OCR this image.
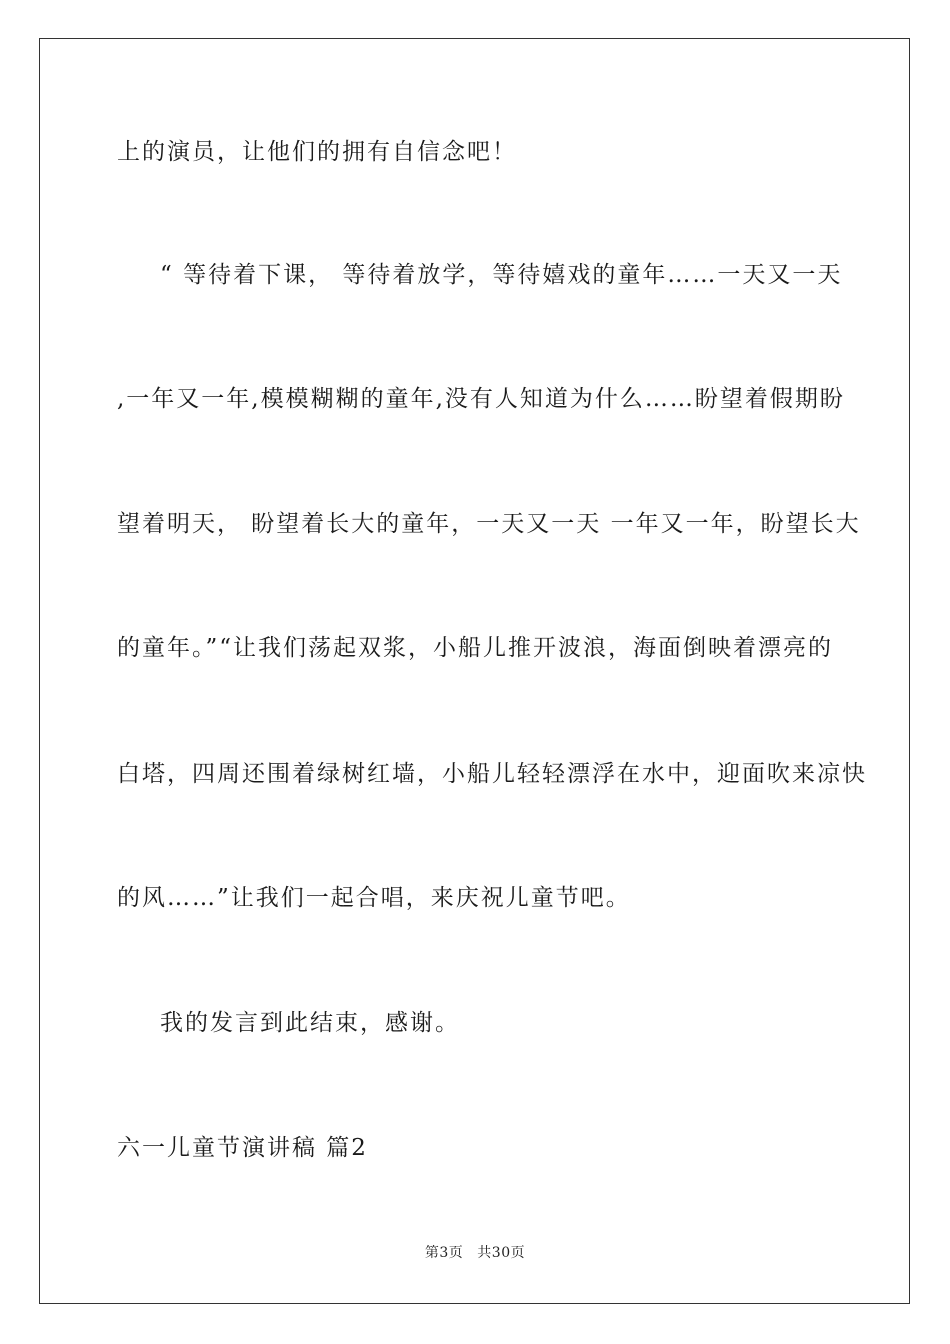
上的演员，让他们的拥有自信念吧！
“ 等待着下课， 等待着放学，等待嬉戏的童年……一天又一天
,一年又一年,模模糊糊的童年,没有人知道为什么……盼望着假期盼
望着明天， 盼望着长大的童年，一天又一天 一年又一年，盼望长大
的童年。”“让我们荡起双浆，小船儿推开波浪，海面倒映着漂亮的
白塔，四周还围着绿树红墙，小船儿轻轻漂浮在水中，迎面吹来凉快
的风……”让我们一起合唱，来庆祝儿童节吧。
我的发言到此结束，感谢。
六一儿童节演讲稿 篇2
第3页 共30页
